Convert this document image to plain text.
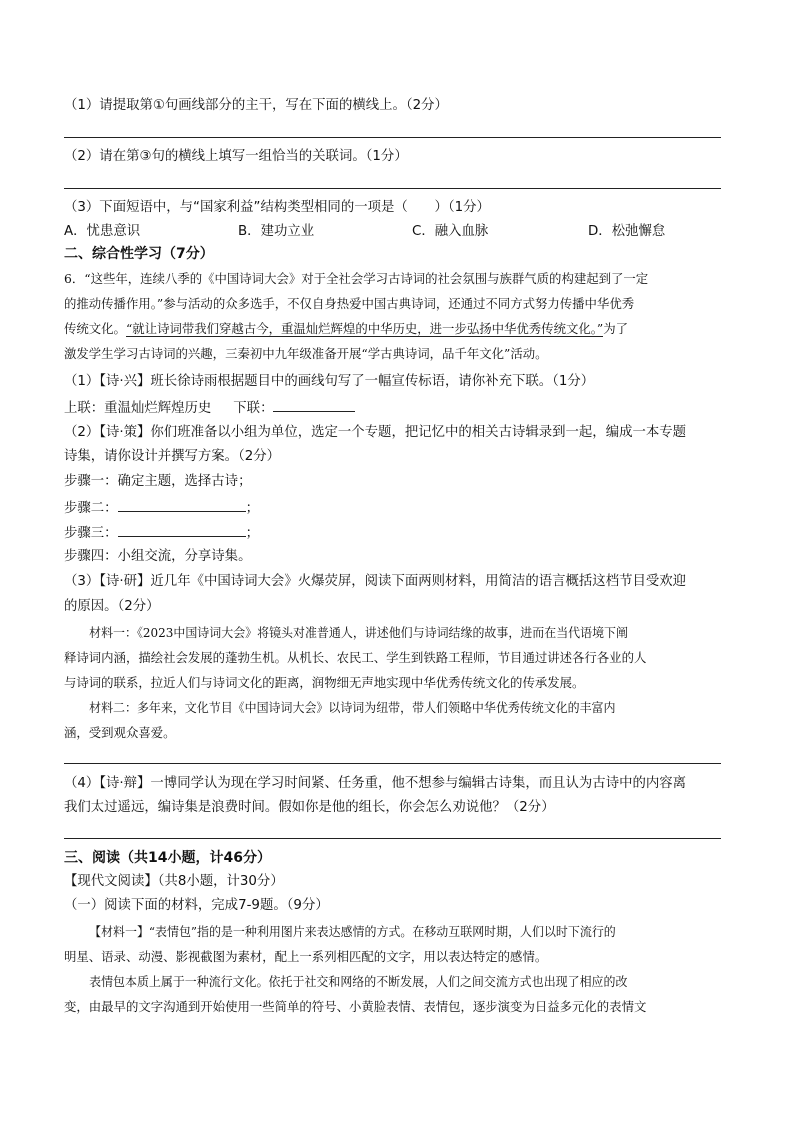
（1）请提取第①句画线部分的主干，写在下面的横线上。（2分）
（2）请在第③句的横线上填写一组恰当的关联词。（1分）
（3）下面短语中，与“国家利益”结构类型相同的一项是（　　）（1分）
A．忧患意识	B．建功立业	C．融入血脉	D．松弛懈怠
二、综合性学习（7分）
6．“这些年，连续八季的《中国诗词大会》对于全社会学习古诗词的社会氛围与族群气质的构建起到了一定
的推动传播作用。”参与活动的众多选手，不仅自身热爱中国古典诗词，还通过不同方式努力传播中华优秀
传统文化。“就让诗词带我们穿越古今，重温灿烂辉煌的中华历史，进一步弘扬中华优秀传统文化。”为了
激发学生学习古诗词的兴趣，三秦初中九年级准备开展“学古典诗词，品千年文化”活动。
（1）【诗·兴】班长徐诗雨根据题目中的画线句写了一幅宣传标语，请你补充下联。（1分）
上联：重温灿烂辉煌历史 下联：
（2）【诗·策】你们班准备以小组为单位，选定一个专题，把记忆中的相关古诗辑录到一起，编成一本专题
诗集，请你设计并撰写方案。（2分）
步骤一：确定主题，选择古诗；
步骤二：	；
步骤三：	；
步骤四：小组交流，分享诗集。
（3）【诗·研】近几年《中国诗词大会》火爆荧屏，阅读下面两则材料，用简洁的语言概括这档节目受欢迎
的原因。（2分）
材料一：《2023中国诗词大会》将镜头对准普通人，讲述他们与诗词结缘的故事，进而在当代语境下阐
释诗词内涵，描绘社会发展的蓬勃生机。从机长、农民工、学生到铁路工程师，节目通过讲述各行各业的人
与诗词的联系，拉近人们与诗词文化的距离，润物细无声地实现中华优秀传统文化的传承发展。
材料二：多年来，文化节目《中国诗词大会》以诗词为纽带，带人们领略中华优秀传统文化的丰富内
涵，受到观众喜爱。
（4）【诗·辩】一博同学认为现在学习时间紧、任务重，他不想参与编辑古诗集，而且认为古诗中的内容离
我们太过遥远，编诗集是浪费时间。假如你是他的组长，你会怎么劝说他？（2分）
三、阅读（共14小题，计46分）
【现代文阅读】（共8小题，计30分）
（一）阅读下面的材料，完成7-9题。（9分）
【材料一】“表情包”指的是一种利用图片来表达感情的方式。在移动互联网时期，人们以时下流行的
明星、语录、动漫、影视截图为素材，配上一系列相匹配的文字，用以表达特定的感情。
表情包本质上属于一种流行文化。依托于社交和网络的不断发展，人们之间交流方式也出现了相应的改
变，由最早的文字沟通到开始使用一些简单的符号、小黄脸表情、表情包，逐步演变为日益多元化的表情文
